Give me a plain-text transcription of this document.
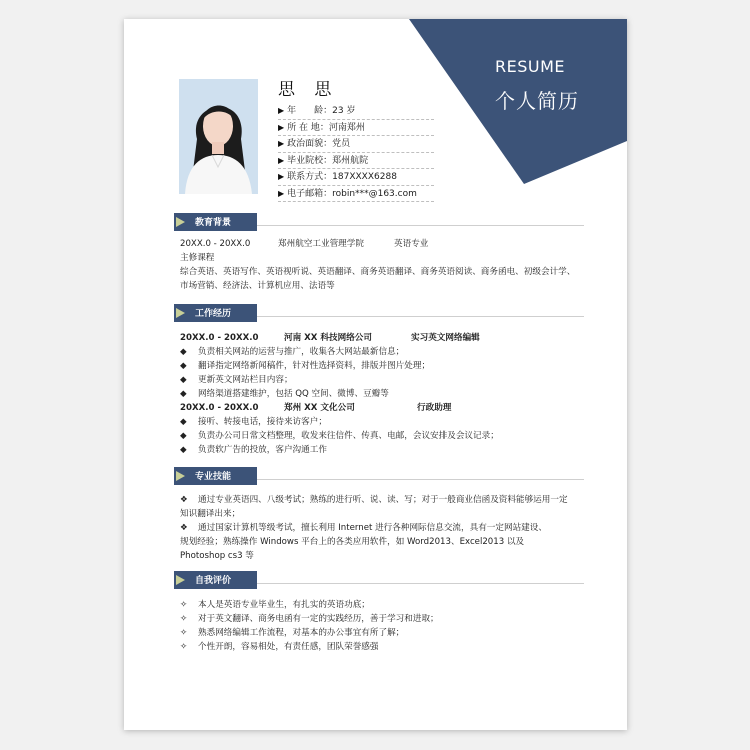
RESUME
个人简历
思 思
▶ 年　　龄：23 岁
▶ 所 在 地：河南郑州
▶ 政治面貌：党员
▶ 毕业院校：郑州航院
▶ 联系方式：187XXXX6288
▶ 电子邮箱：robin***@163.com
教育背景

20XX.0 - 20XX.0	郑州航空工业管理学院	英语专业

主修课程

综合英语、英语写作、英语视听说、英语翻译、商务英语翻译、商务英语阅读、商务函电、初级会计学、

市场营销、经济法、计算机应用、法语等

工作经历

20XX.0 - 20XX.0	河南 XX 科技网络公司	实习英文网络编辑

◆ 负责相关网站的运营与推广，收集各大网站最新信息；

◆ 翻译指定网络新闻稿件，针对性选择资料，排版并图片处理；

◆ 更新英文网站栏目内容；

◆ 网络渠道搭建维护，包括 QQ 空间、微博、豆瓣等

20XX.0 - 20XX.0	郑州 XX 文化公司	行政助理

◆ 接听、转接电话，接待来访客户；

◆ 负责办公司日常文档整理，收发来往信件、传真、电邮，会议安排及会议记录；

◆ 负责软广告的投放，客户沟通工作

专业技能

❖ 通过专业英语四、八级考试；熟练的进行听、说、读、写；对于一般商业信函及资料能够运用一定

知识翻译出来；

❖ 通过国家计算机等级考试，擅长利用 Internet 进行各种网际信息交流，具有一定网站建设、

规划经验；熟练操作 Windows 平台上的各类应用软件，如 Word2013、Excel2013 以及

Photoshop cs3 等

自我评价

✧ 本人是英语专业毕业生，有扎实的英语功底；

✧ 对于英文翻译、商务电函有一定的实践经历，善于学习和进取；

✧ 熟悉网络编辑工作流程，对基本的办公事宜有所了解；

✧ 个性开朗，容易相处，有责任感，团队荣誉感强
